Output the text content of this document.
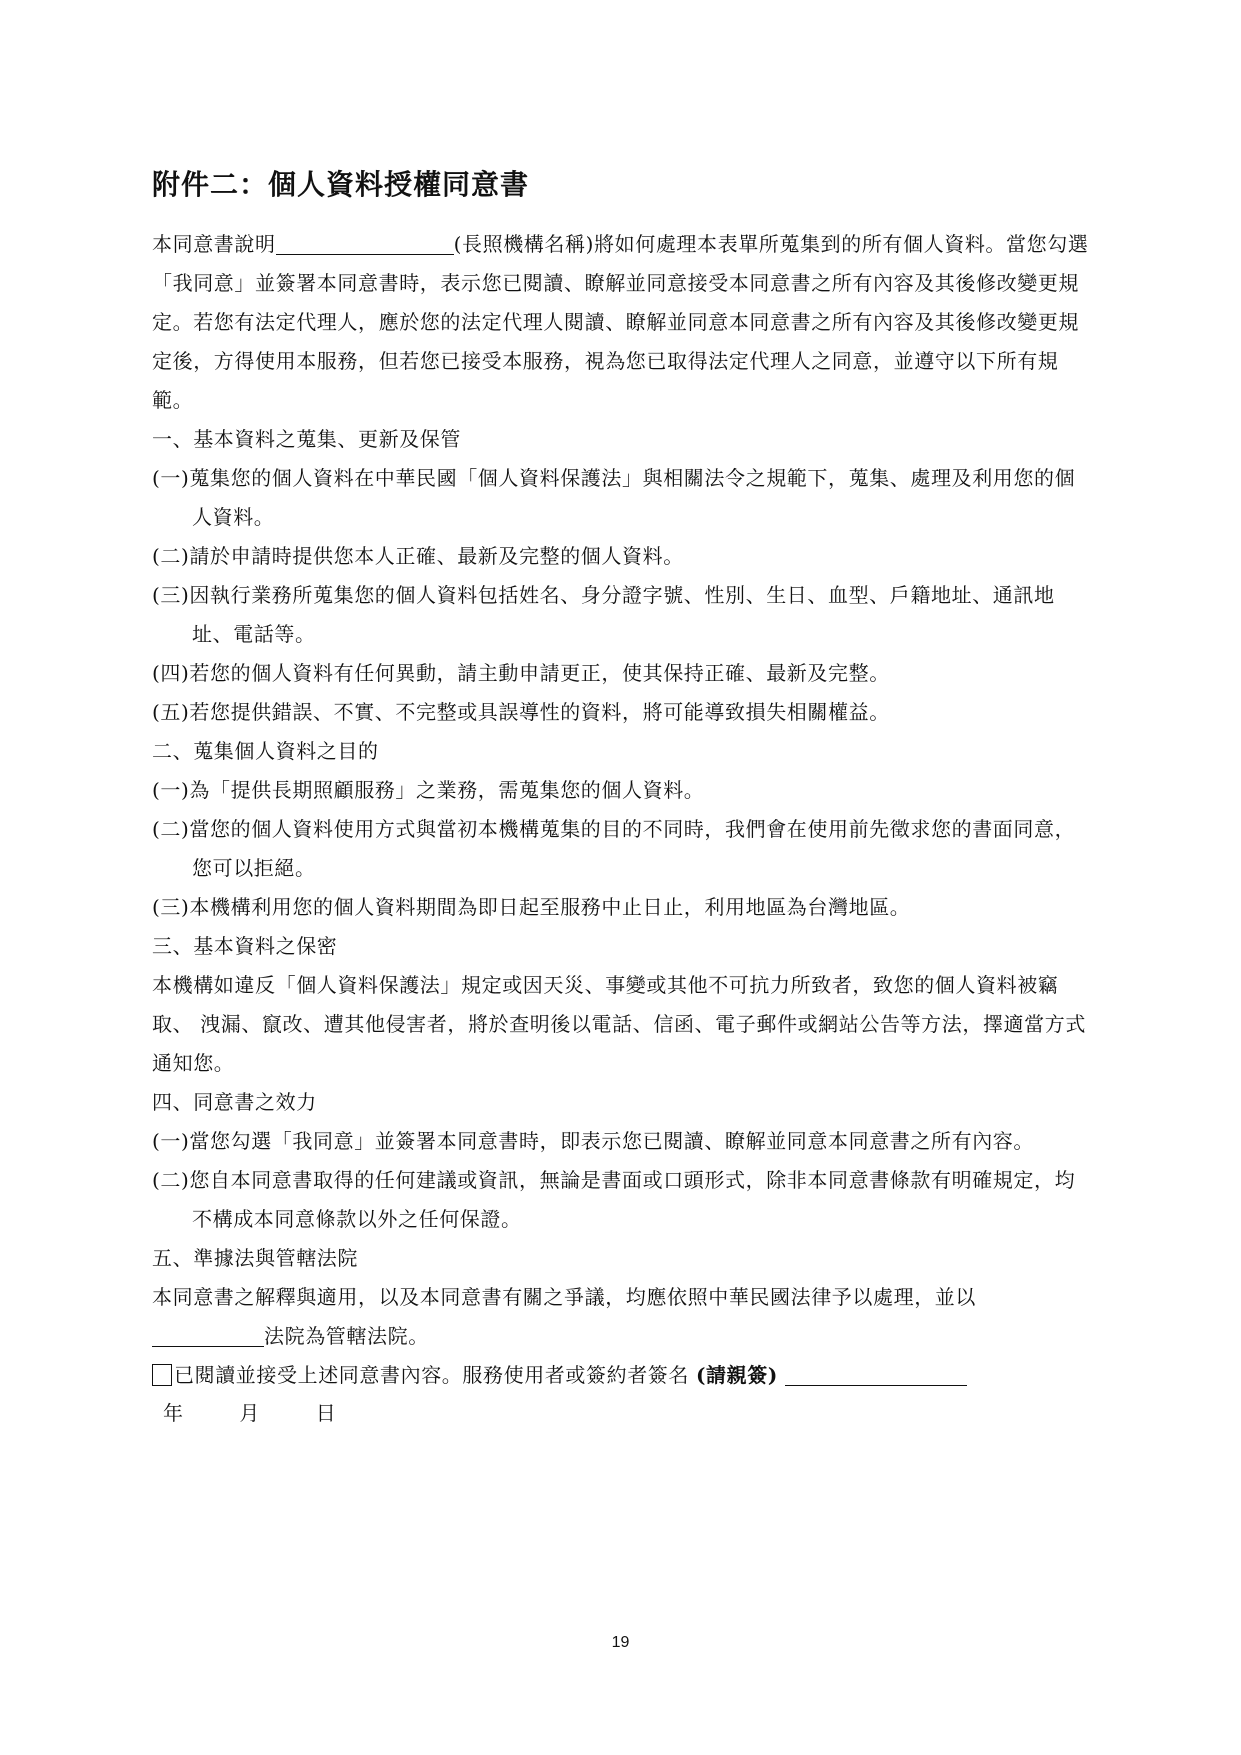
附件二：個人資料授權同意書
本同意書說明	(長照機構名稱)將如何處理本表單所蒐集到的所有個人資料。當您勾選「我同意」並簽署本同意書時，表示您已閱讀、瞭解並同意接受本同意書之所有內容及其後修改變更規定。若您有法定代理人，應於您的法定代理人閱讀、瞭解並同意本同意書之所有內容及其後修改變更規定後，方得使用本服務，但若您已接受本服務，視為您已取得法定代理人之同意，並遵守以下所有規範。
一、基本資料之蒐集、更新及保管
(一)蒐集您的個人資料在中華民國「個人資料保護法」與相關法令之規範下，蒐集、處理及利用您的個人資料。
(二)請於申請時提供您本人正確、最新及完整的個人資料。
(三)因執行業務所蒐集您的個人資料包括姓名、身分證字號、性別、生日、血型、戶籍地址、通訊地址、電話等。
(四)若您的個人資料有任何異動，請主動申請更正，使其保持正確、最新及完整。
(五)若您提供錯誤、不實、不完整或具誤導性的資料，將可能導致損失相關權益。
二、蒐集個人資料之目的
(一)為「提供長期照顧服務」之業務，需蒐集您的個人資料。
(二)當您的個人資料使用方式與當初本機構蒐集的目的不同時，我們會在使用前先徵求您的書面同意，您可以拒絕。
(三)本機構利用您的個人資料期間為即日起至服務中止日止，利用地區為台灣地區。
三、基本資料之保密
本機構如違反「個人資料保護法」規定或因天災、事變或其他不可抗力所致者，致您的個人資料被竊取、 洩漏、竄改、遭其他侵害者，將於查明後以電話、信函、電子郵件或網站公告等方法，擇適當方式通知您。
四、同意書之效力
(一)當您勾選「我同意」並簽署本同意書時，即表示您已閱讀、瞭解並同意本同意書之所有內容。
(二)您自本同意書取得的任何建議或資訊，無論是書面或口頭形式，除非本同意書條款有明確規定，均不構成本同意條款以外之任何保證。
五、準據法與管轄法院
本同意書之解釋與適用，以及本同意書有關之爭議，均應依照中華民國法律予以處理，並以
法院為管轄法院。
已閱讀並接受上述同意書內容。服務使用者或簽約者簽名 (請親簽)
年	月	日
19
